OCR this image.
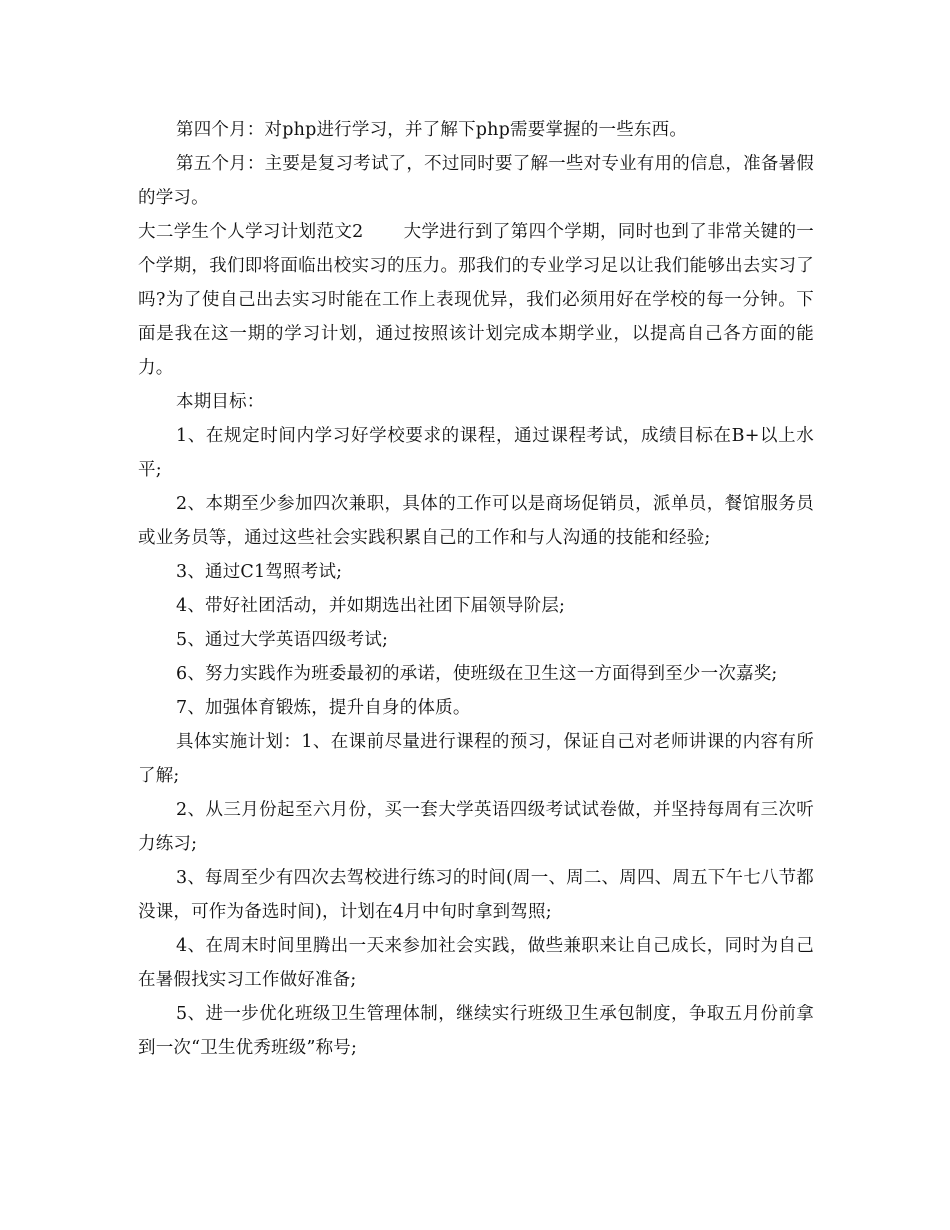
第四个月：对php进行学习，并了解下php需要掌握的一些东西。

第五个月：主要是复习考试了，不过同时要了解一些对专业有用的信息，准备暑假的学习。

大二学生个人学习计划范文2 大学进行到了第四个学期，同时也到了非常关键的一个学期，我们即将面临出校实习的压力。那我们的专业学习足以让我们能够出去实习了吗?为了使自己出去实习时能在工作上表现优异，我们必须用好在学校的每一分钟。下面是我在这一期的学习计划，通过按照该计划完成本期学业，以提高自己各方面的能力。

本期目标：

1、在规定时间内学习好学校要求的课程，通过课程考试，成绩目标在B+以上水平;

2、本期至少参加四次兼职，具体的工作可以是商场促销员，派单员，餐馆服务员或业务员等，通过这些社会实践积累自己的工作和与人沟通的技能和经验;

3、通过C1驾照考试;

4、带好社团活动，并如期选出社团下届领导阶层;

5、通过大学英语四级考试;

6、努力实践作为班委最初的承诺，使班级在卫生这一方面得到至少一次嘉奖;

7、加强体育锻炼，提升自身的体质。

具体实施计划：1、在课前尽量进行课程的预习，保证自己对老师讲课的内容有所了解;

2、从三月份起至六月份，买一套大学英语四级考试试卷做，并坚持每周有三次听力练习;

3、每周至少有四次去驾校进行练习的时间(周一、周二、周四、周五下午七八节都没课，可作为备选时间)，计划在4月中旬时拿到驾照;

4、在周末时间里腾出一天来参加社会实践，做些兼职来让自己成长，同时为自己在暑假找实习工作做好准备;

5、进一步优化班级卫生管理体制，继续实行班级卫生承包制度，争取五月份前拿到一次“卫生优秀班级”称号;
